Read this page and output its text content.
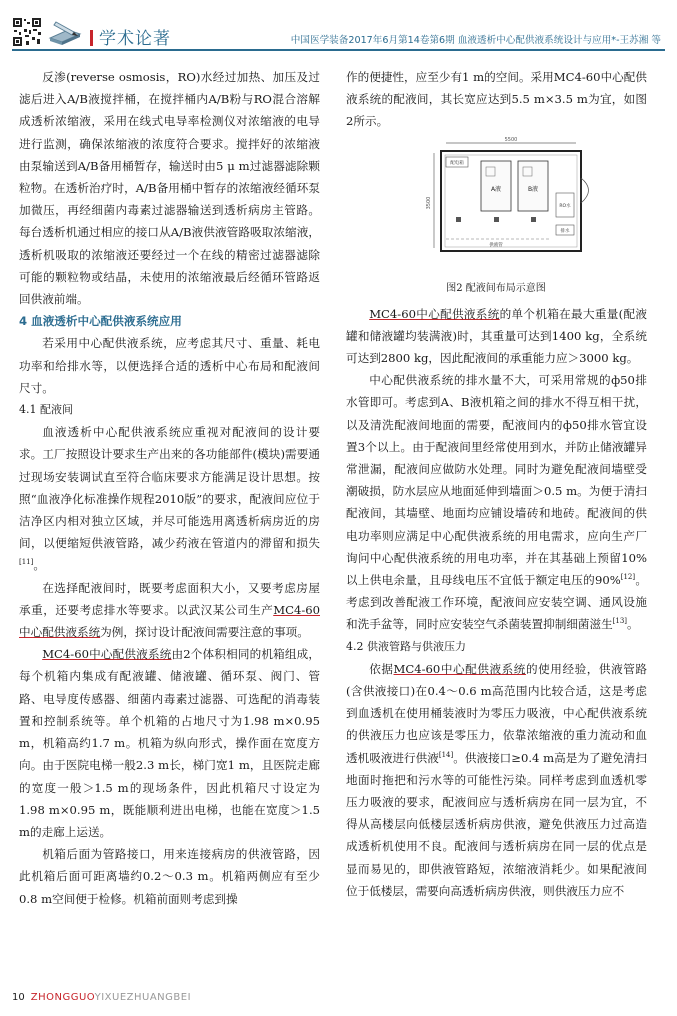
学术论著	中国医学装备2017年6月第14卷第6期 血液透析中心配供液系统设计与应用*-王苏湘 等

反渗(reverse osmosis，RO)水经过加热、加压及过滤后进入A/B液搅拌桶，在搅拌桶内A/B粉与RO混合溶解成透析浓缩液，采用在线式电导率检测仪对浓缩液的电导进行监测，确保浓缩液的浓度符合要求。搅拌好的浓缩液由泵输送到A/B备用桶暂存，输送时由5 μ m过滤器滤除颗粒物。在透析治疗时，A/B备用桶中暂存的浓缩液经循环泵加微压，再经细菌内毒素过滤器输送到透析病房主管路。每台透析机通过相应的接口从A/B液供液管路吸取浓缩液，透析机吸取的浓缩液还要经过一个在线的精密过滤器滤除可能的颗粒物或结晶，未使用的浓缩液最后经循环管路返回供液前端。

4 血液透析中心配供液系统应用

若采用中心配供液系统，应考虑其尺寸、重量、耗电功率和给排水等，以便选择合适的透析中心布局和配液间尺寸。

4.1 配液间

血液透析中心配供液系统应重视对配液间的设计要求。工厂按照设计要求生产出来的各功能部件(模块)需要通过现场安装调试直至符合临床要求方能满足设计思想。按照“血液净化标准操作规程2010版”的要求，配液间应位于洁净区内相对独立区域，并尽可能选用离透析病房近的房间，以便缩短供液管路，减少药液在管道内的滞留和损失[11]。

在选择配液间时，既要考虑面积大小，又要考虑房屋承重，还要考虑排水等要求。以武汉某公司生产MC4-60中心配供液系统为例，探讨设计配液间需要注意的事项。

MC4-60中心配供液系统由2个体积相同的机箱组成，每个机箱内集成有配液罐、储液罐、循环泵、阀门、管路、电导度传感器、细菌内毒素过滤器、可选配的消毒装置和控制系统等。单个机箱的占地尺寸为1.98 m×0.95 m，机箱高约1.7 m。机箱为纵向形式，操作面在宽度方向。由于医院电梯一般2.3 m长，梯门宽1 m，且医院走廊的宽度一般＞1.5 m的现场条件，因此机箱尺寸设定为1.98 m×0.95 m，既能顺利进出电梯，也能在宽度＞1.5 m的走廊上运送。

机箱后面为管路接口，用来连接病房的供液管路，因此机箱后面可距离墙约0.2～0.3 m。机箱两侧应有至少0.8 m空间便于检修。机箱前面则考虑到操

作的便捷性，应至少有1 m的空间。采用MC4-60中心配供液系统的配液间，其长宽应达到5.5 m×3.5 m为宜，如图2所示。

5500
3500
配电箱
A液	B液
RO水
排水
供液管
图2 配液间布局示意图

MC4-60中心配供液系统的单个机箱在最大重量(配液罐和储液罐均装满液)时，其重量可达到1400 kg，全系统可达到2800 kg，因此配液间的承重能力应＞3000 kg。

中心配供液系统的排水量不大，可采用常规的ф50排水管即可。考虑到A、B液机箱之间的排水不得互相干扰，以及清洗配液间地面的需要，配液间内的ф50排水管宜设置3个以上。由于配液间里经常使用到水，并防止储液罐异常泄漏，配液间应做防水处理。同时为避免配液间墙壁受潮破损，防水层应从地面延伸到墙面＞0.5 m。为便于清扫配液间，其墙壁、地面均应铺设墙砖和地砖。配液间的供电功率则应满足中心配供液系统的用电需求，应向生产厂询问中心配供液系统的用电功率，并在其基础上预留10%以上供电余量，且母线电压不宜低于额定电压的90%[12]。考虑到改善配液工作环境，配液间应安装空调、通风设施和洗手盆等，同时应安装空气杀菌装置抑制细菌滋生[13]。

4.2 供液管路与供液压力

依据MC4-60中心配供液系统的使用经验，供液管路(含供液接口)在0.4～0.6 m高范围内比较合适，这是考虑到血透机在使用桶装液时为零压力吸液，中心配供液系统的供液压力也应该是零压力，依靠浓缩液的重力流动和血透机吸液进行供液[14]。供液接口≥0.4 m高是为了避免清扫地面时拖把和污水等的可能性污染。同样考虑到血透机零压力吸液的要求，配液间应与透析病房在同一层为宜，不得从高楼层向低楼层透析病房供液，避免供液压力过高造成透析机使用不良。配液间与透析病房在同一层的优点是显而易见的，即供液管路短，浓缩液消耗少。如果配液间位于低楼层，需要向高透析病房供液，则供液压力应不

10 ZHONGGUOYIXUEZHUANGBEI
